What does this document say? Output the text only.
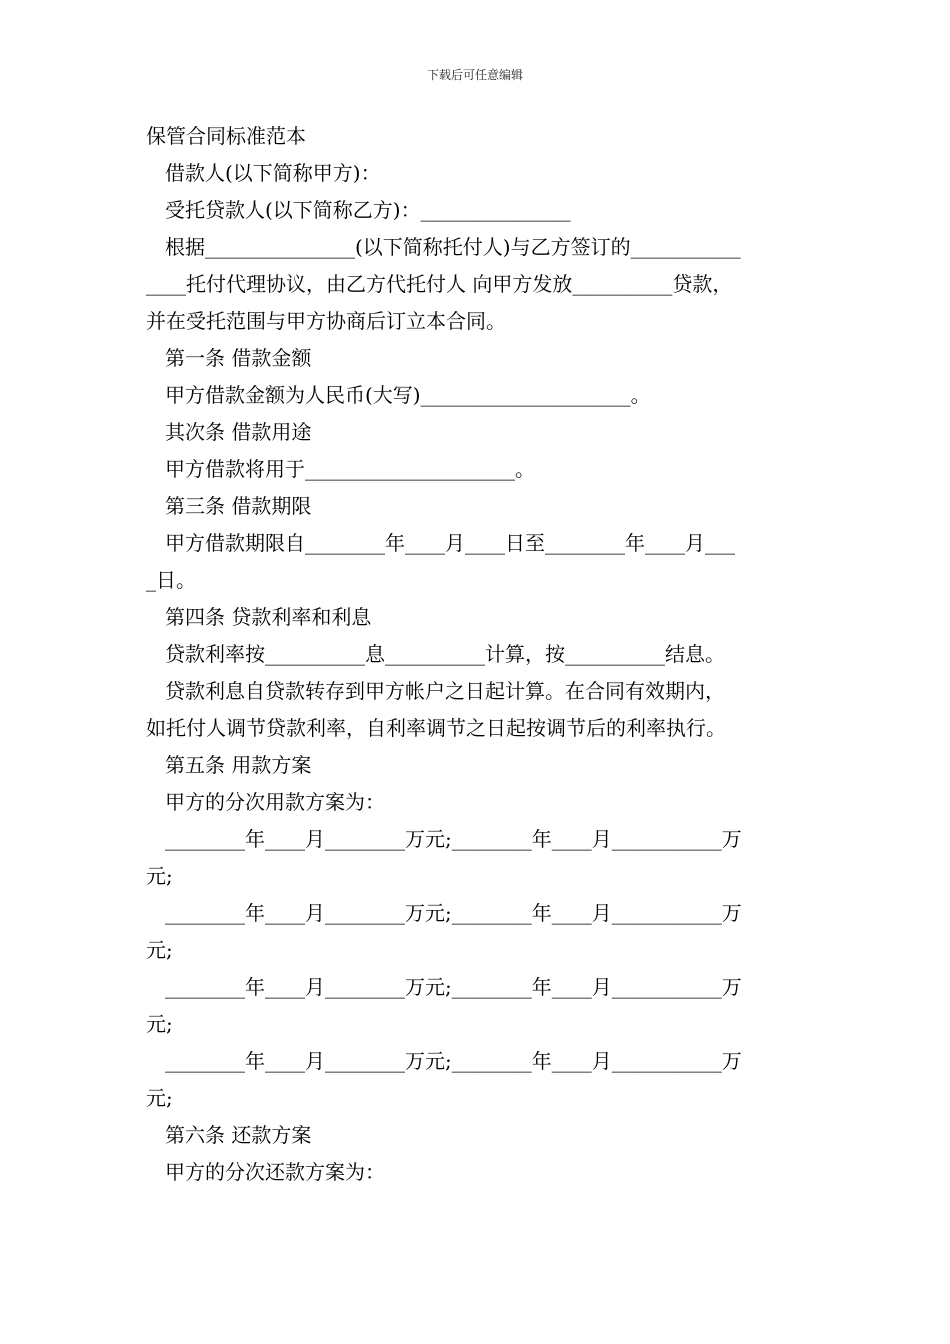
下载后可任意编辑
保管合同标准范本
借款人(以下简称甲方)：
受托贷款人(以下简称乙方)：_______________
根据_______________(以下简称托付人)与乙方签订的___________
____托付代理协议，由乙方代托付人 向甲方发放__________贷款，
并在受托范围与甲方协商后订立本合同。
第一条 借款金额
甲方借款金额为人民币(大写)_____________________。
其次条 借款用途
甲方借款将用于_____________________。
第三条 借款期限
甲方借款期限自________年____月____日至________年____月___
_日。
第四条 贷款利率和利息
贷款利率按__________息__________计算，按__________结息。
贷款利息自贷款转存到甲方帐户之日起计算。在合同有效期内，
如托付人调节贷款利率，自利率调节之日起按调节后的利率执行。
第五条 用款方案
甲方的分次用款方案为：
________年____月________万元;________年____月___________万
元;
________年____月________万元;________年____月___________万
元;
________年____月________万元;________年____月___________万
元;
________年____月________万元;________年____月___________万
元;
第六条 还款方案
甲方的分次还款方案为：
